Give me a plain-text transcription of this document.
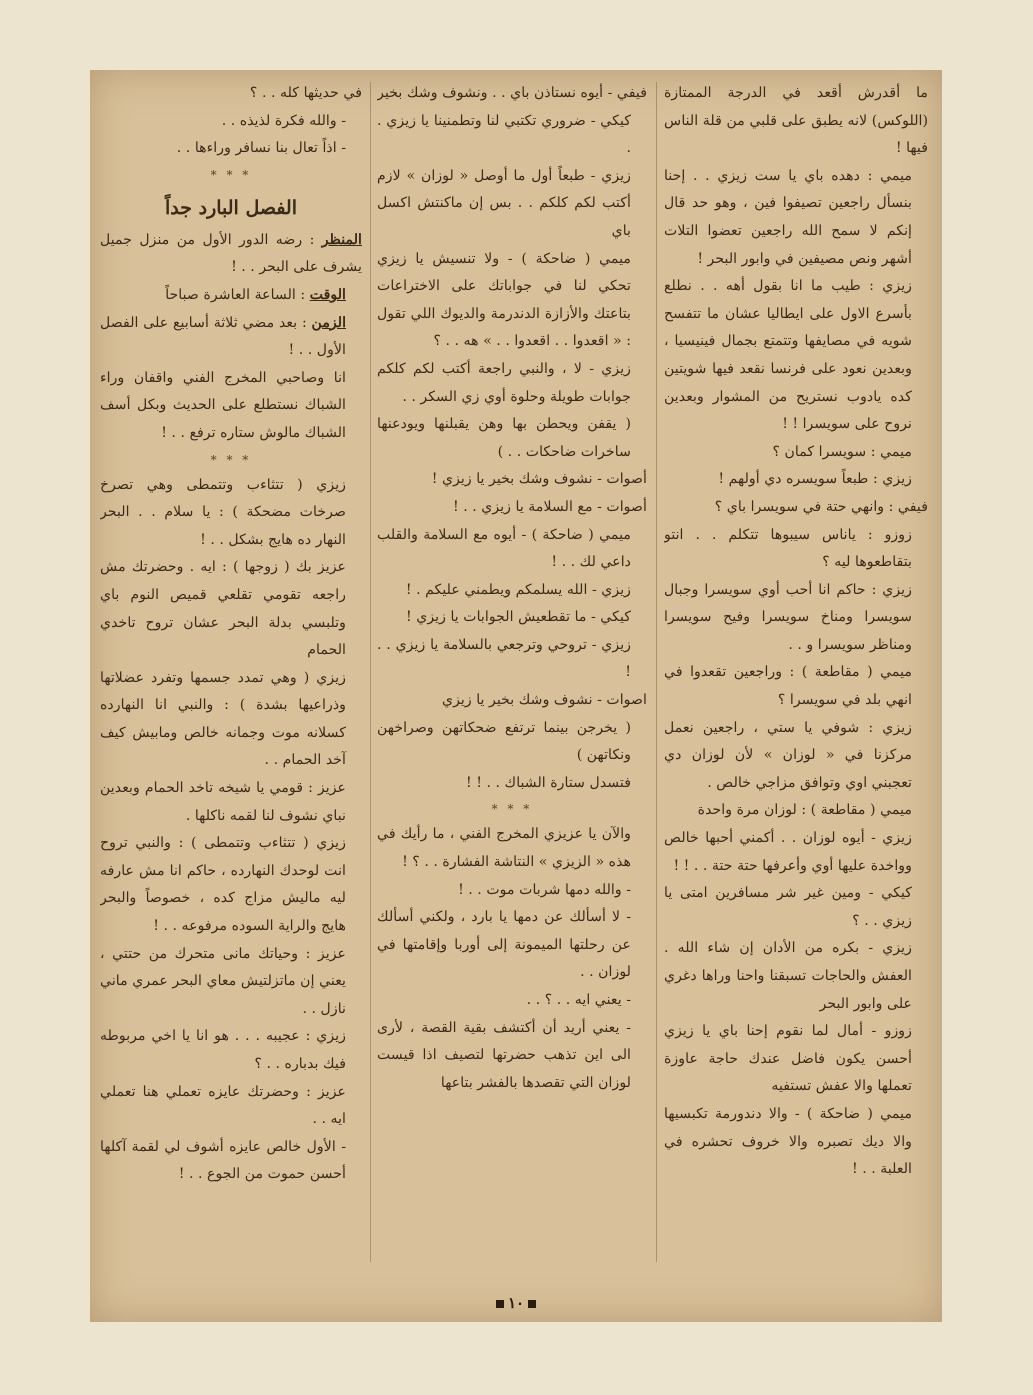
ما أقدرش أقعد في الدرجة الممتازة (اللوكس) لانه يطبق على قلبي من قلة الناس فيها !

ميمي : دهده باي يا ست زيزي . . إحنا بنسأل راجعين تصيفوا فين ، وهو حد قال إنكم لا سمح الله راجعين تعضوا التلات أشهر ونص مصيفين في وابور البحر !

زيزي : طيب ما انا بقول أهه . . نطلع بأسرع الاول على ايطاليا عشان ما تتفسح شويه في مصايفها وتتمتع بجمال فينيسيا ، وبعدين نعود على فرنسا نقعد فيها شويتين كده يادوب نستريح من المشوار وبعدين نروح على سويسرا ! !

ميمي : سويسرا كمان ؟

زيزي : طبعاً سويسره دي أولهم !

فيفي : وانهي حتة في سويسرا باي ؟

زوزو : ياناس سيبوها تتكلم . . انتو بتقاطعوها ليه ؟

زيزي : حاكم انا أحب أوي سويسرا وجبال سويسرا ومناخ سويسرا وفيح سويسرا ومناظر سويسرا و . .

ميمي ( مقاطعة ) : وراجعين تقعدوا في انهي بلد في سويسرا ؟

زيزي : شوفي يا ستي ، راجعين نعمل مركزنا في « لوزان » لأن لوزان دي تعجبني اوي وتوافق مزاجي خالص .

ميمي ( مقاطعة ) : لوزان مرة واحدة

زيزي - أيوه لوزان . . أكمني أحبها خالص وواخدة عليها أوي وأعرفها حتة حتة . . ! !

كيكي - ومين غير شر مسافرين امتى يا زيزي . . ؟

زيزي - بكره من الأدان إن شاء الله . العفش والحاجات تسبقنا واحنا وراها دغري على وابور البحر

زوزو - أمال لما نقوم إحنا باي يا زيزي أحسن يكون فاضل عندك حاجة عاوزة تعملها والا عفش تستفيه

ميمي ( ضاحكة ) - والا دندورمة تكبسيها والا ديك تصبره والا خروف تحشره في العلبة . . !

فيفي - أيوه نستاذن باي . . ونشوف وشك بخير

كيكي - ضروري تكتبي لنا وتطمنينا يا زيزي . .

زيزي - طبعاً أول ما أوصل « لوزان » لازم أكتب لكم كلكم . . بس إن ماكنتش اكسل باي

ميمي ( ضاحكة ) - ولا تنسيش يا زيزي تحكي لنا في جواباتك على الاختراعات بتاعتك والأزازة الدندرمة والديوك اللي تقول : « اقعدوا . . اقعدوا . . » هه . . ؟

زيزي - لا ، والنبي راجعة أكتب لكم كلكم جوابات طويلة وحلوة أوي زي السكر . .

( يقفن ويحطن بها وهن يقبلنها ويودعنها ساخرات ضاحكات . . )

أصوات - نشوف وشك بخير يا زيزي !

أصوات - مع السلامة يا زيزي . . !

ميمي ( ضاحكة ) - أيوه مع السلامة والقلب داعي لك . . !

زيزي - الله يسلمكم ويطمني عليكم . !

كيكي - ما تقطعيش الجوابات يا زيزي !

زيزي - تروحي وترجعي بالسلامة يا زيزي . . !

اصوات - نشوف وشك بخير يا زيزي

( يخرجن بينما ترتفع ضحكاتهن وصراخهن ونكاتهن )

فتسدل ستارة الشباك . . ! !

* * *

والآن يا عزيزي المخرج الفني ، ما رأيك في هذه « الزيزي » النتاشة الفشارة . . ؟ !

- والله دمها شربات موت . . !

- لا أسألك عن دمها يا بارد ، ولكني أسألك عن رحلتها الميمونة إلى أوربا وإقامتها في لوزان . .

- يعني ايه . . ؟ . .

- يعني أريد أن أكتشف بقية القصة ، لأرى الى اين تذهب حضرتها لتصيف اذا قيست لوزان التي تقصدها بالفشر بتاعها

في حديثها كله . . ؟

- والله فكرة لذيذه . .

- اذاً تعال بنا نسافر وراءها . .

* * *

الفصل البارد جداً

المنظر : رضه الدور الأول من منزل جميل يشرف على البحر . . !

الوقت : الساعة العاشرة صباحاً

الزمن : بعد مضي ثلاثة أسابيع على الفصل الأول . . !

انا وصاحبي المخرج الفني واقفان وراء الشباك نستطلع على الحديث وبكل أسف الشباك مالوش ستاره ترفع . . !

* * *

زيزي ( تتثاءب وتتمطى وهي تصرخ صرخات مضحكة ) : يا سلام . . البحر النهار ده هايج بشكل . . !

عزيز بك ( زوجها ) : ايه . وحضرتك مش راجعه تقومي تقلعي قميص النوم باي وتلبسي بدلة البحر عشان تروح تاخدي الحمام

زيزي ( وهي تمدد جسمها وتفرد عضلاتها وذراعيها بشدة ) : والنبي انا النهارده كسلانه موت وجمانه خالص ومابيش كيف آخد الحمام . .

عزيز : قومي يا شيخه تاخد الحمام وبعدين نباي نشوف لنا لقمه ناكلها .

زيزي ( تتثاءب وتتمطى ) : والنبي تروح انت لوحدك النهارده ، حاكم انا مش عارفه ليه ماليش مزاج كده ، خصوصاً والبحر هايج والراية السوده مرفوعه . . !

عزيز : وحياتك مانى متحرك من حتتي ، يعني إن ماتزلتيش معاي البحر عمري ماني نازل . .

زيزي : عجيبه . . . هو انا يا اخي مربوطه فيك بدباره . . ؟

عزيز : وحضرتك عايزه تعملي هنا تعملي ايه . .

- الأول خالص عايزه أشوف لي لقمة آكلها أحسن حموت من الجوع . . !

١٠
